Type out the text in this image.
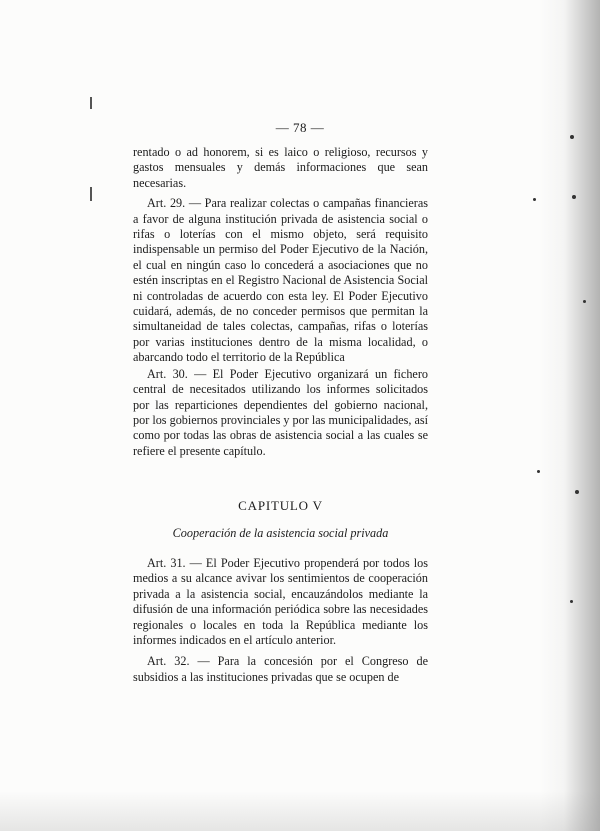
— 78 —

rentado o ad honorem, si es laico o religioso, recursos y gastos mensuales y demás informaciones que sean necesarias.

Art. 29. — Para realizar colectas o campañas financieras a favor de alguna institución privada de asistencia social o rifas o loterías con el mismo objeto, será requisito indispensable un permiso del Poder Ejecutivo de la Nación, el cual en ningún caso lo concederá a asociaciones que no estén inscriptas en el Registro Nacional de Asistencia Social ni controladas de acuerdo con esta ley. El Poder Ejecutivo cuidará, además, de no conceder permisos que permitan la simultaneidad de tales colectas, campañas, rifas o loterías por varias instituciones dentro de la misma localidad, o abarcando todo el territorio de la República

Art. 30. — El Poder Ejecutivo organizará un fichero central de necesitados utilizando los informes solicitados por las reparticiones dependientes del gobierno nacional, por los gobiernos provinciales y por las municipalidades, así como por todas las obras de asistencia social a las cuales se refiere el presente capítulo.

CAPITULO V
Cooperación de la asistencia social privada

Art. 31. — El Poder Ejecutivo propenderá por todos los medios a su alcance avivar los sentimientos de cooperación privada a la asistencia social, encauzándolos mediante la difusión de una información periódica sobre las necesidades regionales o locales en toda la República mediante los informes indicados en el artículo anterior.

Art. 32. — Para la concesión por el Congreso de subsidios a las instituciones privadas que se ocupen de
